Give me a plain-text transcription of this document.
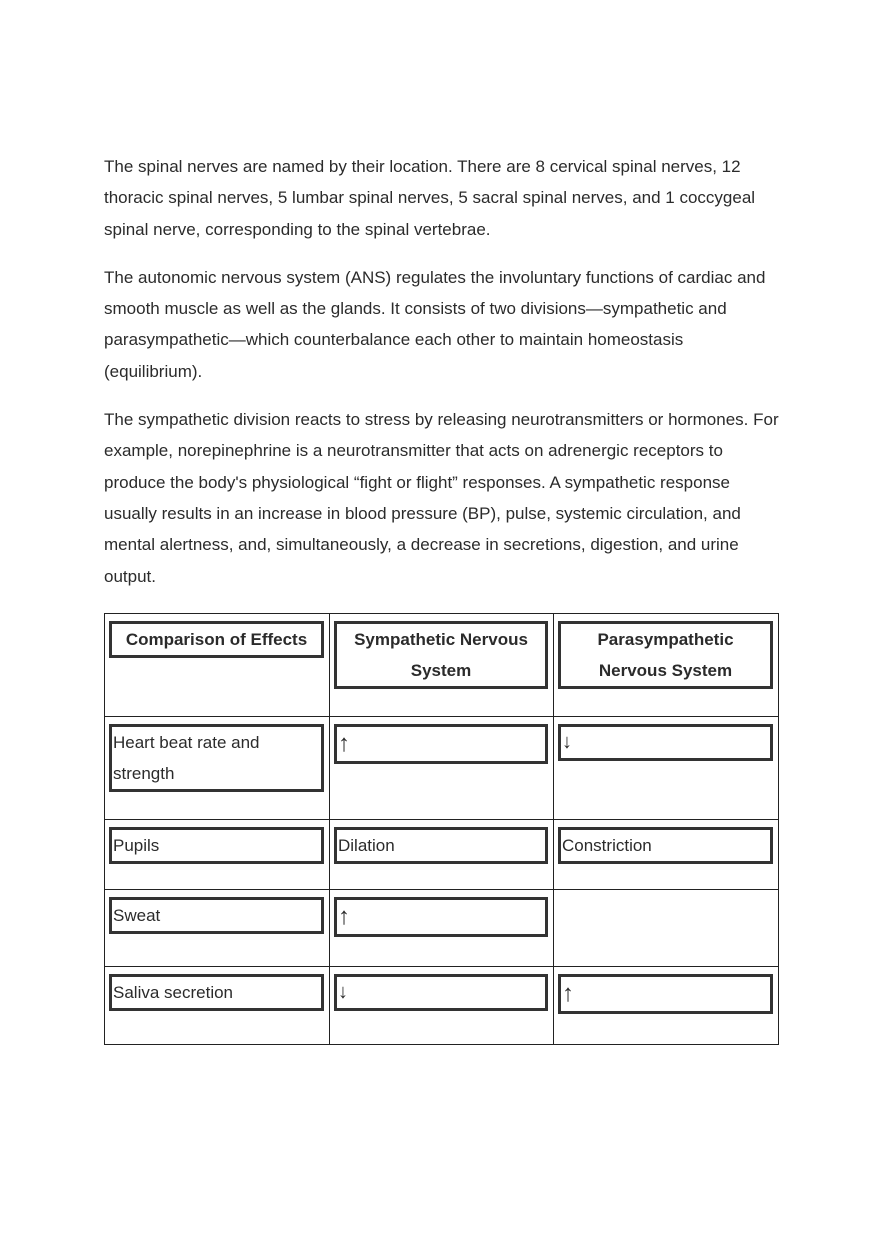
The spinal nerves are named by their location. There are 8 cervical spinal nerves, 12 thoracic spinal nerves, 5 lumbar spinal nerves, 5 sacral spinal nerves, and 1 coccygeal spinal nerve, corresponding to the spinal vertebrae.

The autonomic nervous system (ANS) regulates the involuntary functions of cardiac and smooth muscle as well as the glands. It consists of two divisions—sympathetic and parasympathetic—which counterbalance each other to maintain homeostasis (equilibrium).

The sympathetic division reacts to stress by releasing neurotransmitters or hormones. For example, norepinephrine is a neurotransmitter that acts on adrenergic receptors to produce the body's physiological “fight or flight” responses. A sympathetic response usually results in an increase in blood pressure (BP), pulse, systemic circulation, and mental alertness, and, simultaneously, a decrease in secretions, digestion, and urine output.

Comparison of Effects	Sympathetic Nervous System	Parasympathetic Nervous System

Heart beat rate and strength	↑	↓

Pupils	Dilation	Constriction

Sweat	↑	

Saliva secretion	↓	↑
